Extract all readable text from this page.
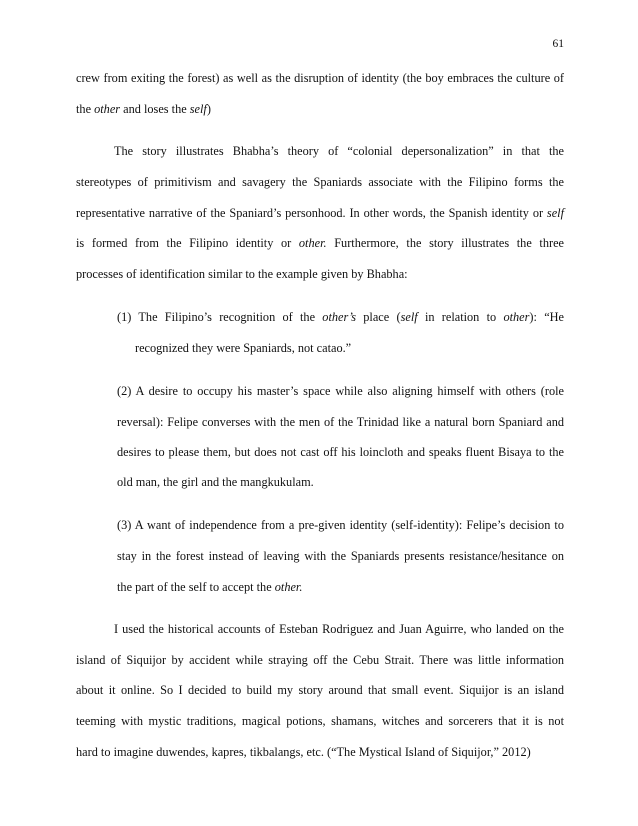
61
crew from exiting the forest) as well as the disruption of identity (the boy embraces the culture of
the other and loses the self)
The story illustrates Bhabha’s theory of “colonial depersonalization” in that the
stereotypes of primitivism and savagery the Spaniards associate with the Filipino forms the
representative narrative of the Spaniard’s personhood. In other words, the Spanish identity or self
is formed from the Filipino identity or other. Furthermore, the story illustrates the three
processes of identification similar to the example given by Bhabha:
(1) The Filipino’s recognition of the other’s place (self in relation to other): “He
recognized they were Spaniards, not catao.”
(2) A desire to occupy his master’s space while also aligning himself with others (role
reversal): Felipe converses with the men of the Trinidad like a natural born Spaniard and
desires to please them, but does not cast off his loincloth and speaks fluent Bisaya to the
old man, the girl and the mangkukulam.
(3) A want of independence from a pre-given identity (self-identity): Felipe’s decision to
stay in the forest instead of leaving with the Spaniards presents resistance/hesitance on
the part of the self to accept the other.
I used the historical accounts of Esteban Rodriguez and Juan Aguirre, who landed on the
island of Siquijor by accident while straying off the Cebu Strait. There was little information
about it online. So I decided to build my story around that small event. Siquijor is an island
teeming with mystic traditions, magical potions, shamans, witches and sorcerers that it is not
hard to imagine duwendes, kapres, tikbalangs, etc. (“The Mystical Island of Siquijor,” 2012)
